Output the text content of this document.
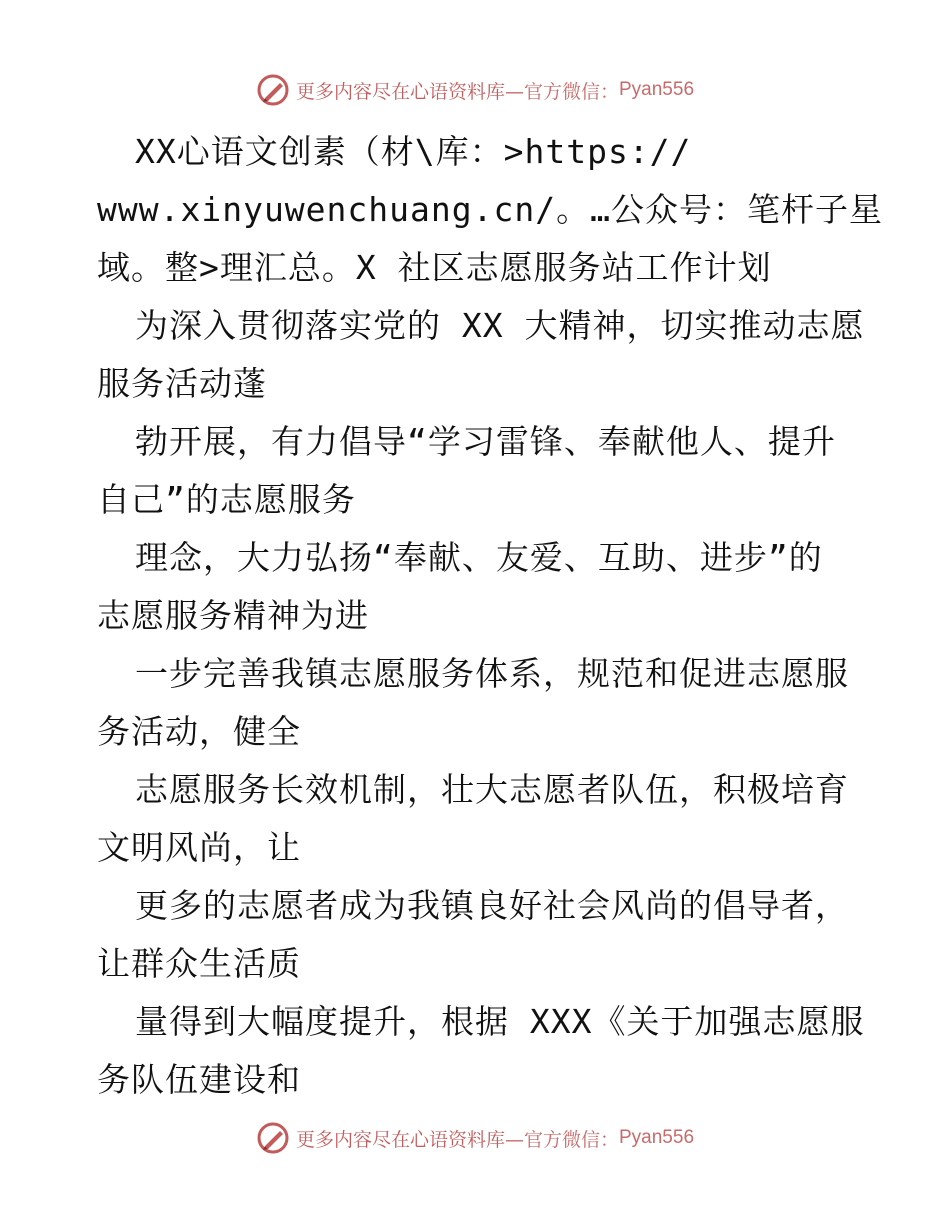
更多内容尽在心语资料库 —官方微信： Pyan556
XX心语文创素（材\库：>https://
www.xinyuwenchuang.cn/。…公众号：笔杆子星
域。整>理汇总。X 社区志愿服务站工作计划
为深入贯彻落实党的 XX 大精神，切实推动志愿
服务活动蓬
勃开展，有力倡导“学习雷锋、奉献他人、提升
自己”的志愿服务
理念，大力弘扬“奉献、友爱、互助、进步”的
志愿服务精神为进
一步完善我镇志愿服务体系，规范和促进志愿服
务活动，健全
志愿服务长效机制，壮大志愿者队伍，积极培育
文明风尚，让
更多的志愿者成为我镇良好社会风尚的倡导者，
让群众生活质
量得到大幅度提升，根据 XXX《关于加强志愿服
务队伍建设和
更多内容尽在心语资料库 —官方微信： Pyan556
